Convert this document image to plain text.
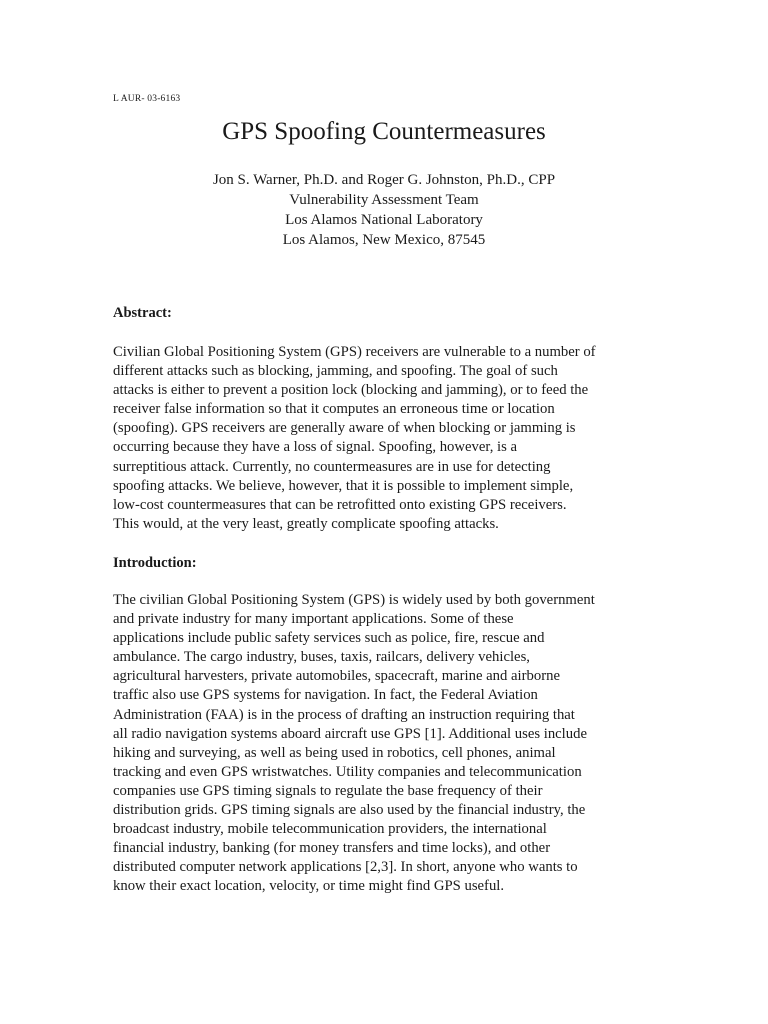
L AUR- 03-6163
GPS Spoofing Countermeasures
Jon S. Warner, Ph.D. and Roger G. Johnston, Ph.D., CPP
Vulnerability Assessment Team
Los Alamos National Laboratory
Los Alamos, New Mexico, 87545
Abstract:

Civilian Global Positioning System (GPS) receivers are vulnerable to a number of
different attacks such as blocking, jamming, and spoofing. The goal of such
attacks is either to prevent a position lock (blocking and jamming), or to feed the
receiver false information so that it computes an erroneous time or location
(spoofing). GPS receivers are generally aware of when blocking or jamming is
occurring because they have a loss of signal. Spoofing, however, is a
surreptitious attack. Currently, no countermeasures are in use for detecting
spoofing attacks. We believe, however, that it is possible to implement simple,
low-cost countermeasures that can be retrofitted onto existing GPS receivers.
This would, at the very least, greatly complicate spoofing attacks.

Introduction:

The civilian Global Positioning System (GPS) is widely used by both government
and private industry for many important applications. Some of these
applications include public safety services such as police, fire, rescue and
ambulance. The cargo industry, buses, taxis, railcars, delivery vehicles,
agricultural harvesters, private automobiles, spacecraft, marine and airborne
traffic also use GPS systems for navigation. In fact, the Federal Aviation
Administration (FAA) is in the process of drafting an instruction requiring that
all radio navigation systems aboard aircraft use GPS [1]. Additional uses include
hiking and surveying, as well as being used in robotics, cell phones, animal
tracking and even GPS wristwatches. Utility companies and telecommunication
companies use GPS timing signals to regulate the base frequency of their
distribution grids. GPS timing signals are also used by the financial industry, the
broadcast industry, mobile telecommunication providers, the international
financial industry, banking (for money transfers and time locks), and other
distributed computer network applications [2,3]. In short, anyone who wants to
know their exact location, velocity, or time might find GPS useful.
